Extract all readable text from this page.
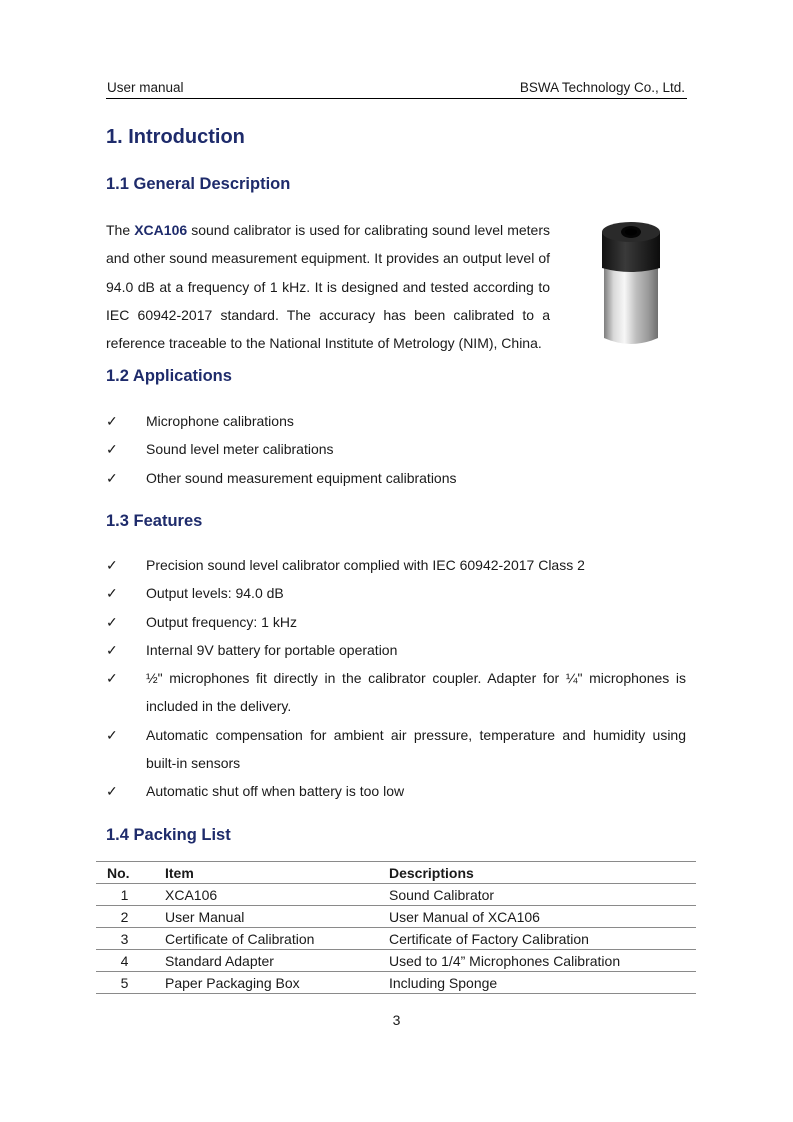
User manual	BSWA Technology Co., Ltd.
1. Introduction
1.1 General Description

The XCA106 sound calibrator is used for calibrating sound level meters and other sound measurement equipment. It provides an output level of 94.0 dB at a frequency of 1 kHz. It is designed and tested according to IEC 60942-2017 standard. The accuracy has been calibrated to a reference traceable to the National Institute of Metrology (NIM), China.

1.2 Applications
✓	Microphone calibrations
✓	Sound level meter calibrations
✓	Other sound measurement equipment calibrations
1.3 Features
✓	Precision sound level calibrator complied with IEC 60942-2017 Class 2
✓	Output levels: 94.0 dB
✓	Output frequency: 1 kHz
✓	Internal 9V battery for portable operation
✓	½" microphones fit directly in the calibrator coupler. Adapter for ¼" microphones is included in the delivery.
✓	Automatic compensation for ambient air pressure, temperature and humidity using built-in sensors
✓	Automatic shut off when battery is too low
1.4 Packing List
No.	Item	Descriptions
1	XCA106	Sound Calibrator
2	User Manual	User Manual of XCA106
3	Certificate of Calibration	Certificate of Factory Calibration
4	Standard Adapter	Used to 1/4” Microphones Calibration
5	Paper Packaging Box	Including Sponge
3
